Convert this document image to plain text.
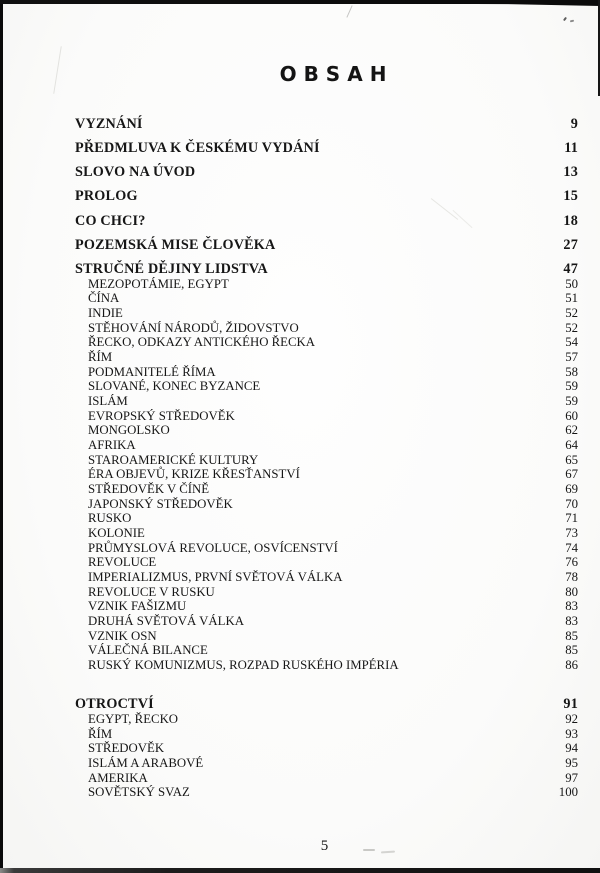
OBSAH
VYZNÁNÍ	9
PŘEDMLUVA K ČESKÉMU VYDÁNÍ	11
SLOVO NA ÚVOD	13
PROLOG	15
CO CHCI?	18
POZEMSKÁ MISE ČLOVĚKA	27
STRUČNÉ DĚJINY LIDSTVA	47
MEZOPOTÁMIE, EGYPT	50
ČÍNA	51
INDIE	52
STĚHOVÁNÍ NÁRODŮ, ŽIDOVSTVO	52
ŘECKO, ODKAZY ANTICKÉHO ŘECKA	54
ŘÍM	57
PODMANITELÉ ŘÍMA	58
SLOVANÉ, KONEC BYZANCE	59
ISLÁM	59
EVROPSKÝ STŘEDOVĚK	60
MONGOLSKO	62
AFRIKA	64
STAROAMERICKÉ KULTURY	65
ÉRA OBJEVŮ, KRIZE KŘESŤANSTVÍ	67
STŘEDOVĚK V ČÍNĚ	69
JAPONSKÝ STŘEDOVĚK	70
RUSKO	71
KOLONIE	73
PRŮMYSLOVÁ REVOLUCE, OSVÍCENSTVÍ	74
REVOLUCE	76
IMPERIALIZMUS, PRVNÍ SVĚTOVÁ VÁLKA	78
REVOLUCE V RUSKU	80
VZNIK FAŠIZMU	83
DRUHÁ SVĚTOVÁ VÁLKA	83
VZNIK OSN	85
VÁLEČNÁ BILANCE	85
RUSKÝ KOMUNIZMUS, ROZPAD RUSKÉHO IMPÉRIA	86
OTROCTVÍ	91
EGYPT, ŘECKO	92
ŘÍM	93
STŘEDOVĚK	94
ISLÁM A ARABOVÉ	95
AMERIKA	97
SOVĚTSKÝ SVAZ	100
5
